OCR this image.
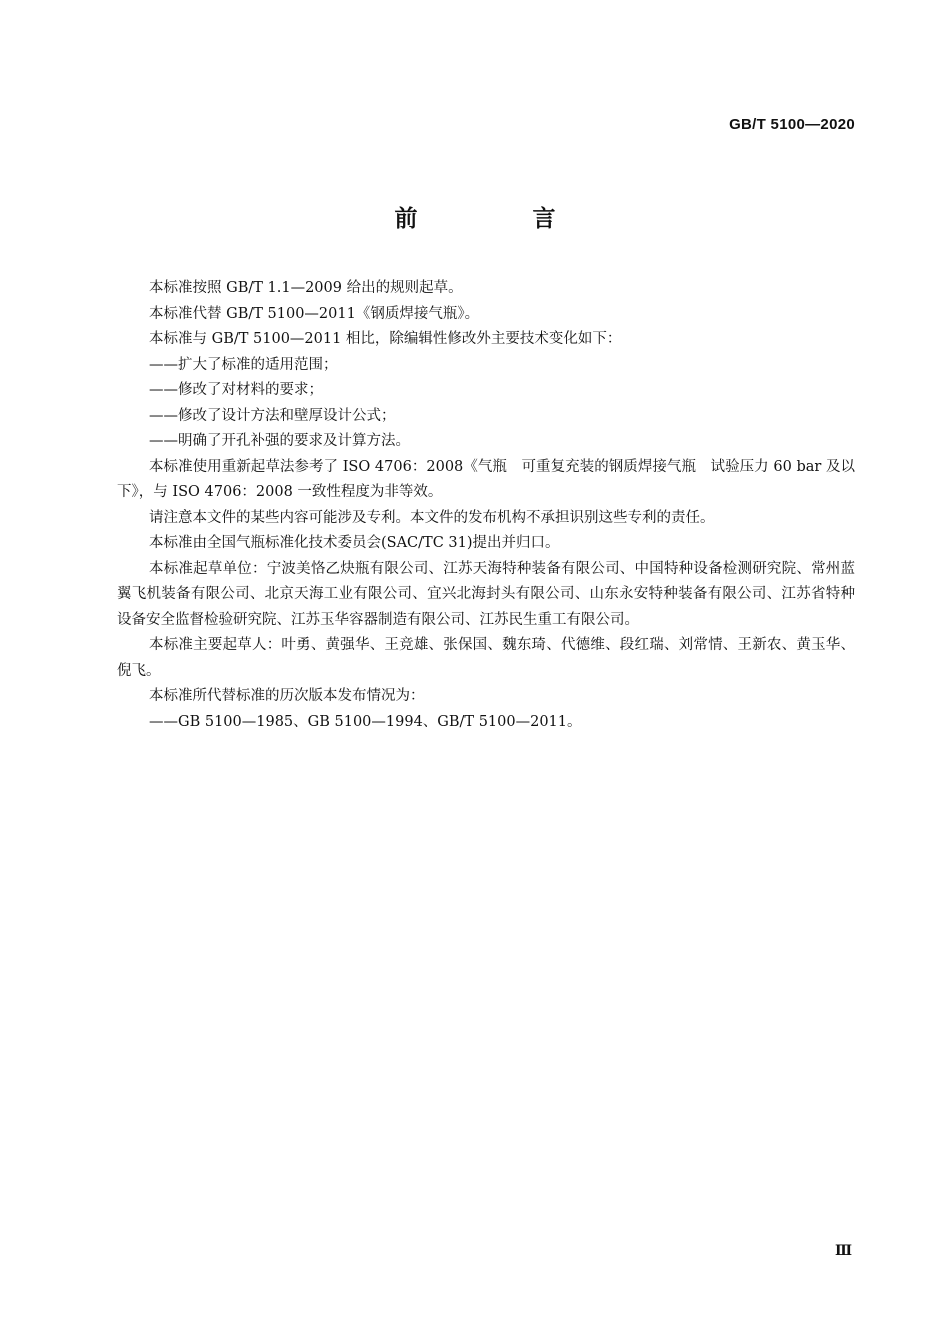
GB/T 5100—2020
前　言

本标准按照 GB/T 1.1—2009 给出的规则起草。

本标准代替 GB/T 5100—2011《钢质焊接气瓶》。

本标准与 GB/T 5100—2011 相比，除编辑性修改外主要技术变化如下：

——扩大了标准的适用范围；

——修改了对材料的要求；

——修改了设计方法和壁厚设计公式；

——明确了开孔补强的要求及计算方法。

本标准使用重新起草法参考了 ISO 4706：2008《气瓶　可重复充装的钢质焊接气瓶　试验压力 60 bar 及以下》，与 ISO 4706：2008 一致性程度为非等效。

请注意本文件的某些内容可能涉及专利。本文件的发布机构不承担识别这些专利的责任。

本标准由全国气瓶标准化技术委员会(SAC/TC 31)提出并归口。

本标准起草单位：宁波美恪乙炔瓶有限公司、江苏天海特种装备有限公司、中国特种设备检测研究院、常州蓝翼飞机装备有限公司、北京天海工业有限公司、宜兴北海封头有限公司、山东永安特种装备有限公司、江苏省特种设备安全监督检验研究院、江苏玉华容器制造有限公司、江苏民生重工有限公司。

本标准主要起草人：叶勇、黄强华、王竞雄、张保国、魏东琦、代德维、段红瑞、刘常情、王新农、黄玉华、倪飞。

本标准所代替标准的历次版本发布情况为：

——GB 5100—1985、GB 5100—1994、GB/T 5100—2011。

Ⅲ
